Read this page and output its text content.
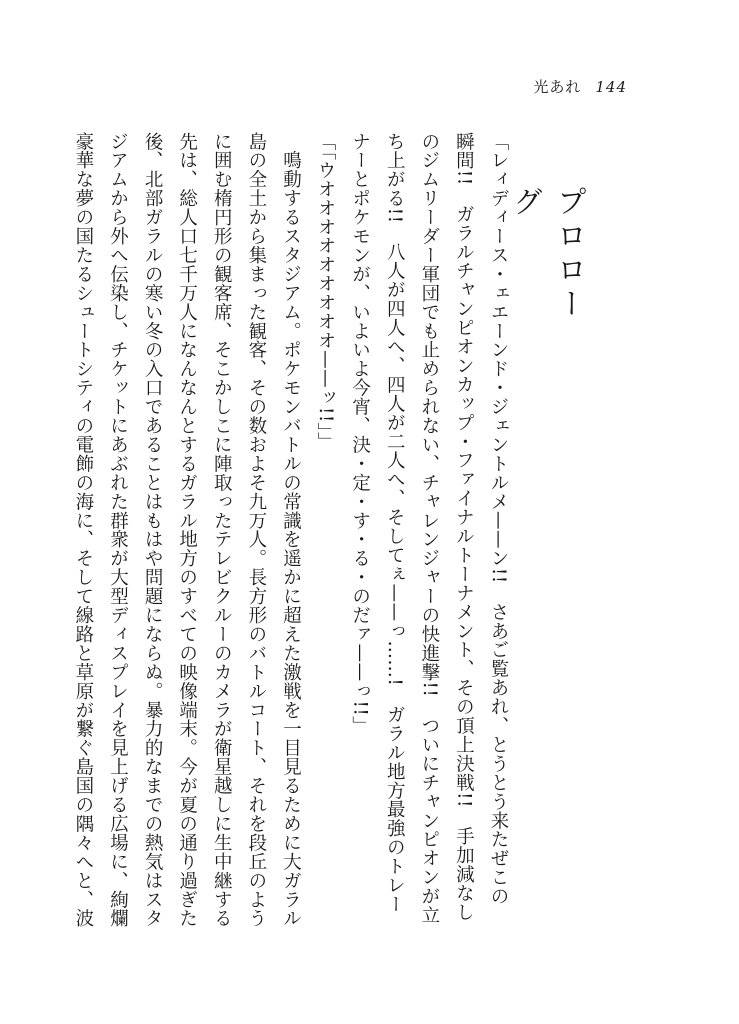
光あれ 144
プロローグ

「レィディース・ェエーンド・ジェントルメ——ン!!　さあご覧あれ、とうとう来たぜこの

瞬間!!　ガラルチャンピオンカップ・ファイナルトーナメント、その頂上決戦!!　手加減なし

のジムリーダー軍団でも止められない、チャレンジャーの快進撃!!　ついにチャンピオンが立

ち上がる!!　八人が四人へ、四人が二人へ、そしてぇ——っ……!　ガラル地方最強のトレー

ナーとポケモンが、いよいよ今宵、決・定・す・る・のだァ——っ!!」

「「ウオオオオオオオオオ——ッ!!」」

　鳴動するスタジアム。ポケモンバトルの常識を遥かに超えた激戦を一目見るために大ガラル

島の全土から集まった観客、その数およそ九万人。長方形のバトルコート、それを段丘のよう

に囲む楕円形の観客席、そこかしこに陣取ったテレビクルーのカメラが衛星越しに生中継する

先は、総人口七千万人になんなんとするガラル地方のすべての映像端末。今が夏の通り過ぎた

後、北部ガラルの寒い冬の入口であることはもはや問題にならぬ。暴力的なまでの熱気はスタ

ジアムから外へ伝染し、チケットにあぶれた群衆が大型ディスプレイを見上げる広場に、絢爛

豪華な夢の国たるシュートシティの電飾の海に、そして線路と草原が繋ぐ島国の隅々へと、波
